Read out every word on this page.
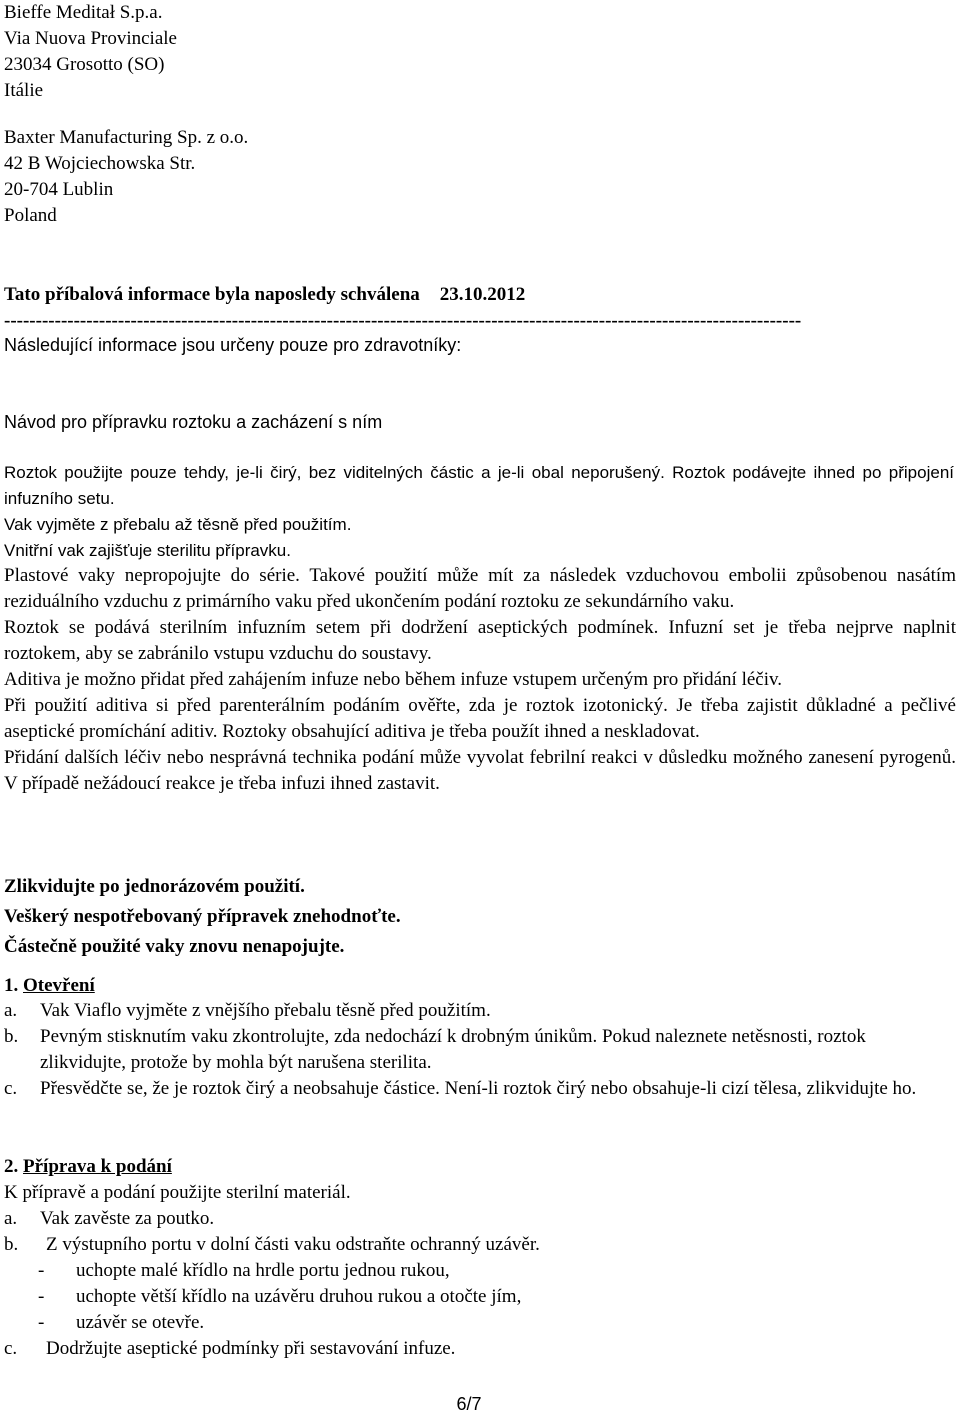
Bieffe Meditał S.p.a.
Via Nuova Provinciale
23034 Grosotto (SO)
Itálie
Baxter Manufacturing Sp. z o.o.
42 B Wojciechowska Str.
20-704 Lublin
Poland
Tato příbalová informace byla naposledy schválena 23.10.2012
------------------------------------------------------------------------------------------------------------------------------
Následující informace jsou určeny pouze pro zdravotníky:
Návod pro přípravku roztoku a zacházení s ním

Roztok použijte pouze tehdy, je-li čirý, bez viditelných částic a je-li obal neporušený. Roztok podávejte ihned po připojení infuzního setu.

Vak vyjměte z přebalu až těsně před použitím.

Vnitřní vak zajišťuje sterilitu přípravku.

Plastové vaky nepropojujte do série. Takové použití může mít za následek vzduchovou embolii způsobenou nasátím reziduálního vzduchu z primárního vaku před ukončením podání roztoku ze sekundárního vaku.
Roztok se podává sterilním infuzním setem při dodržení aseptických podmínek. Infuzní set je třeba nejprve naplnit roztokem, aby se zabránilo vstupu vzduchu do soustavy.
Aditiva je možno přidat před zahájením infuze nebo během infuze vstupem určeným pro přidání léčiv.
Při použití aditiva si před parenterálním podáním ověřte, zda je roztok izotonický. Je třeba zajistit důkladné a pečlivé aseptické promíchání aditiv. Roztoky obsahující aditiva je třeba použít ihned a neskladovat.
Přidání dalších léčiv nebo nesprávná technika podání může vyvolat febrilní reakci v důsledku možného zanesení pyrogenů. V případě nežádoucí reakce je třeba infuzi ihned zastavit.
Zlikvidujte po jednorázovém použití.
Veškerý nespotřebovaný přípravek znehodnoťte.
Částečně použité vaky znovu nenapojujte.
1. Otevření
a. Vak Viaflo vyjměte z vnějšího přebalu těsně před použitím.
b. Pevným stisknutím vaku zkontrolujte, zda nedochází k drobným únikům. Pokud naleznete netěsnosti, roztok zlikvidujte, protože by mohla být narušena sterilita.
c. Přesvědčte se, že je roztok čirý a neobsahuje částice. Není-li roztok čirý nebo obsahuje-li cizí tělesa, zlikvidujte ho.
2. Příprava k podání
K přípravě a podání použijte sterilní materiál.
a. Vak zavěste za poutko.
b. Z výstupního portu v dolní části vaku odstraňte ochranný uzávěr.
- uchopte malé křídlo na hrdle portu jednou rukou,
- uchopte větší křídlo na uzávěru druhou rukou a otočte jím,
- uzávěr se otevře.
c. Dodržujte aseptické podmínky při sestavování infuze.
6/7
